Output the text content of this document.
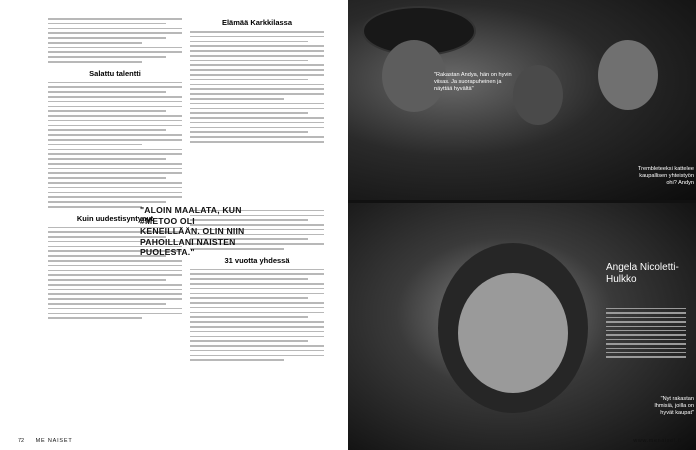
Salattu talentti
Kuin uudestisyntynyt
Elämää Karkkilassa
31 vuotta yhdessä
"ALOIN MAALATA, KUN #METOO OLI KENEILLÄÄN. OLIN NIIN PAHOILLANI NAISTEN PUOLESTA."
72 ME NAISET
"Rakastan Andya, hän on hyvin viisas. Ja suorapuheinen ja näyttää hyvältä"
Trembleteeksi kattelee kaupallisen yhteistyön ohi? Andyn
Angela Nicoletti-Hulkko
"Nyt rakastan lhmisiä, joilla on hyvät kaupat"
www.menaiset.fi
